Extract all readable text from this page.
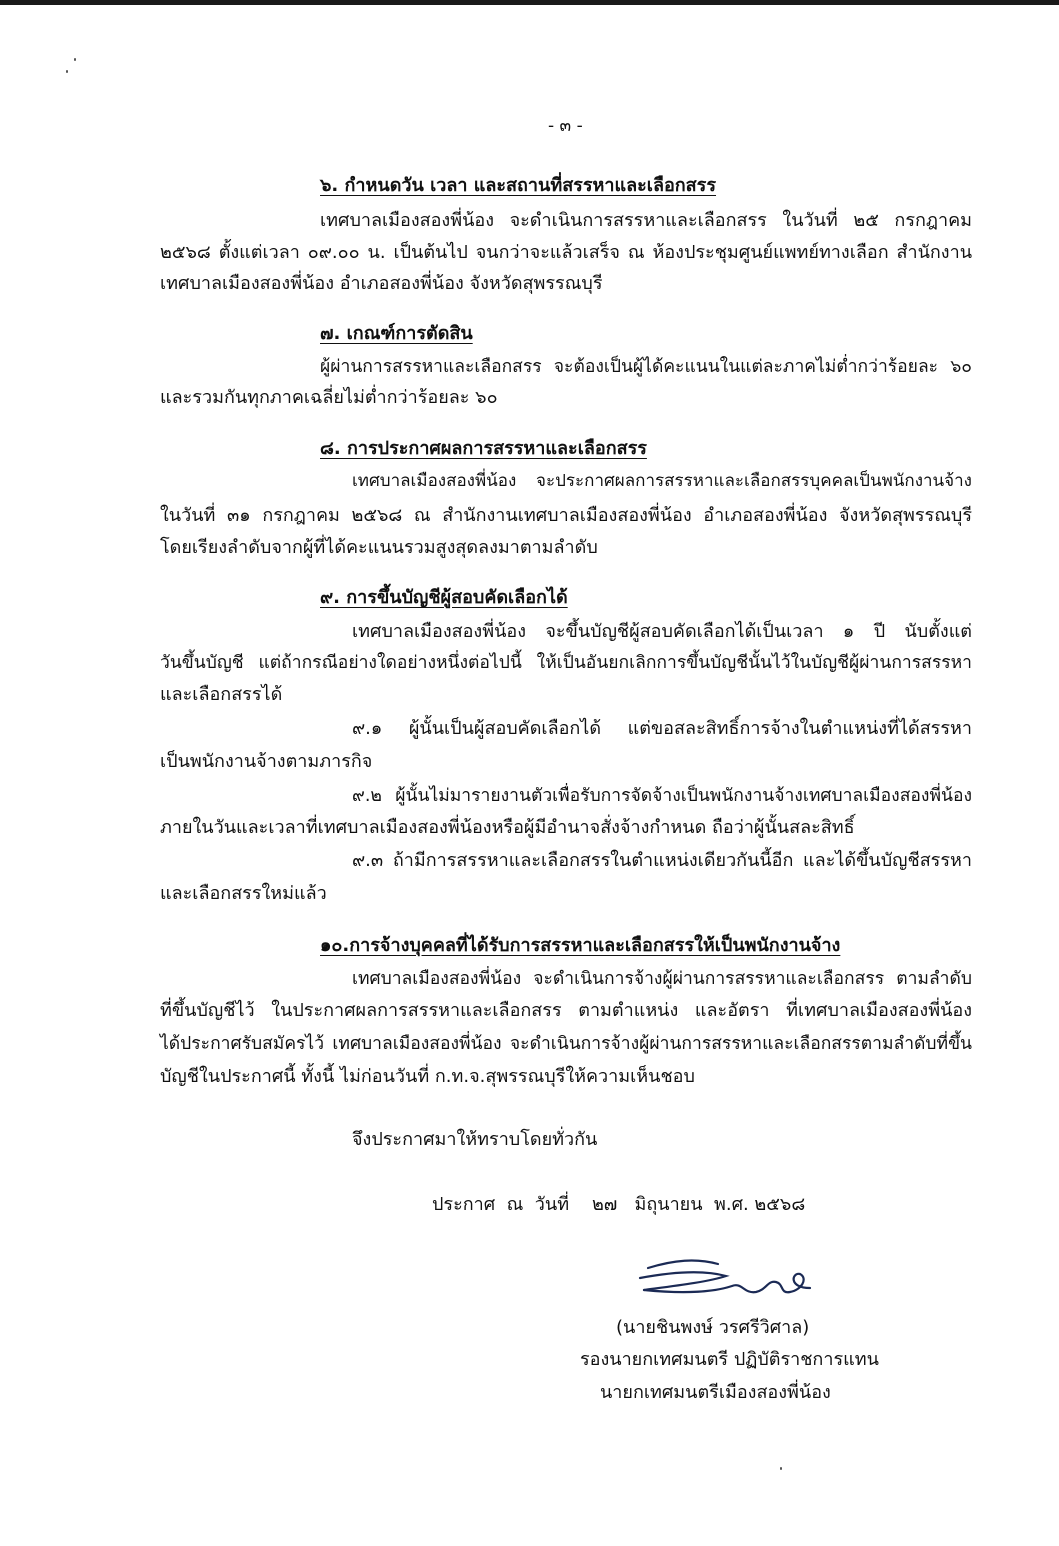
- ๓ -
๖. กำหนดวัน เวลา และสถานที่สรรหาและเลือกสรร
เทศบาลเมืองสองพี่น้อง จะดำเนินการสรรหาและเลือกสรร ในวันที่ ๒๕ กรกฎาคม
๒๕๖๘ ตั้งแต่เวลา ๐๙.๐๐ น. เป็นต้นไป จนกว่าจะแล้วเสร็จ ณ ห้องประชุมศูนย์แพทย์ทางเลือก สำนักงาน
เทศบาลเมืองสองพี่น้อง อำเภอสองพี่น้อง จังหวัดสุพรรณบุรี
๗. เกณฑ์การตัดสิน
ผู้ผ่านการสรรหาและเลือกสรร จะต้องเป็นผู้ได้คะแนนในแต่ละภาคไม่ต่ำกว่าร้อยละ ๖๐
และรวมกันทุกภาคเฉลี่ยไม่ต่ำกว่าร้อยละ ๖๐
๘. การประกาศผลการสรรหาและเลือกสรร
เทศบาลเมืองสองพี่น้อง จะประกาศผลการสรรหาและเลือกสรรบุคคลเป็นพนักงานจ้าง
ในวันที่ ๓๑ กรกฎาคม ๒๕๖๘ ณ สำนักงานเทศบาลเมืองสองพี่น้อง อำเภอสองพี่น้อง จังหวัดสุพรรณบุรี
โดยเรียงลำดับจากผู้ที่ได้คะแนนรวมสูงสุดลงมาตามลำดับ
๙. การขึ้นบัญชีผู้สอบคัดเลือกได้
เทศบาลเมืองสองพี่น้อง จะขึ้นบัญชีผู้สอบคัดเลือกได้เป็นเวลา ๑ ปี นับตั้งแต่
วันขึ้นบัญชี แต่ถ้ากรณีอย่างใดอย่างหนึ่งต่อไปนี้ ให้เป็นอันยกเลิกการขึ้นบัญชีนั้นไว้ในบัญชีผู้ผ่านการสรรหา
และเลือกสรรได้
๙.๑ ผู้นั้นเป็นผู้สอบคัดเลือกได้ แต่ขอสละสิทธิ์การจ้างในตำแหน่งที่ได้สรรหา
เป็นพนักงานจ้างตามภารกิจ
๙.๒ ผู้นั้นไม่มารายงานตัวเพื่อรับการจัดจ้างเป็นพนักงานจ้างเทศบาลเมืองสองพี่น้อง
ภายในวันและเวลาที่เทศบาลเมืองสองพี่น้องหรือผู้มีอำนาจสั่งจ้างกำหนด ถือว่าผู้นั้นสละสิทธิ์
๙.๓ ถ้ามีการสรรหาและเลือกสรรในตำแหน่งเดียวกันนี้อีก และได้ขึ้นบัญชีสรรหา
และเลือกสรรใหม่แล้ว
๑๐.การจ้างบุคคลที่ได้รับการสรรหาและเลือกสรรให้เป็นพนักงานจ้าง
เทศบาลเมืองสองพี่น้อง จะดำเนินการจ้างผู้ผ่านการสรรหาและเลือกสรร ตามลำดับ
ที่ขึ้นบัญชีไว้ ในประกาศผลการสรรหาและเลือกสรร ตามตำแหน่ง และอัตรา ที่เทศบาลเมืองสองพี่น้อง
ได้ประกาศรับสมัครไว้ เทศบาลเมืองสองพี่น้อง จะดำเนินการจ้างผู้ผ่านการสรรหาและเลือกสรรตามลำดับที่ขึ้น
บัญชีในประกาศนี้ ทั้งนี้ ไม่ก่อนวันที่ ก.ท.จ.สุพรรณบุรีให้ความเห็นชอบ
จึงประกาศมาให้ทราบโดยทั่วกัน
ประกาศ  ณ  วันที่    ๒๗   มิถุนายน  พ.ศ. ๒๕๖๘
(นายชินพงษ์ วรศรีวิศาล)
รองนายกเทศมนตรี ปฏิบัติราชการแทน
นายกเทศมนตรีเมืองสองพี่น้อง
